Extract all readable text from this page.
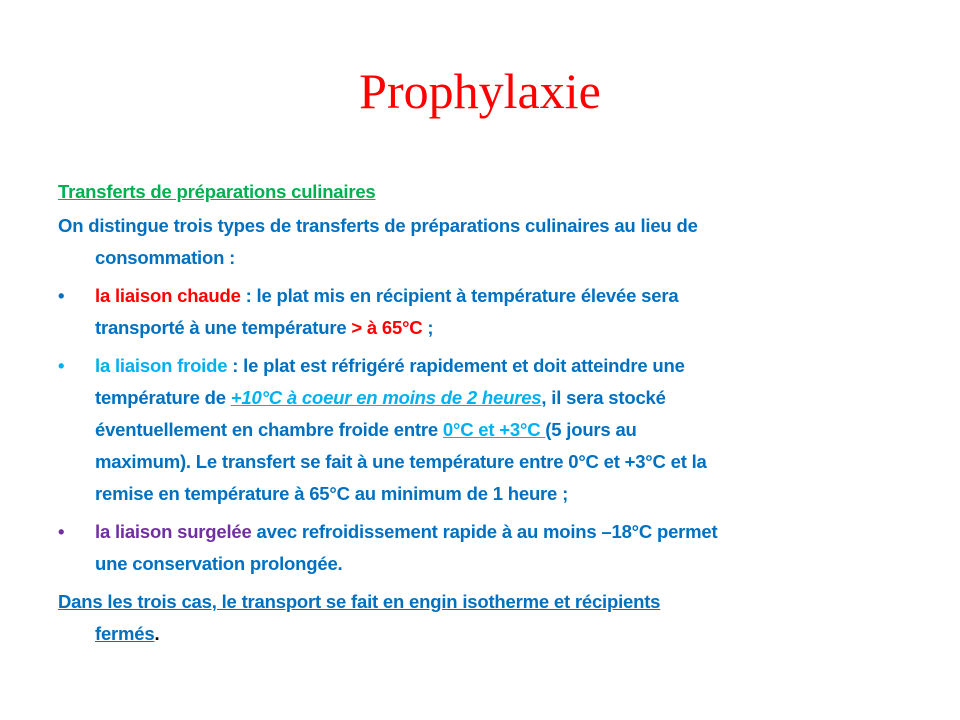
Prophylaxie
Transferts de préparations culinaires
On distingue trois types de transferts de préparations culinaires au lieu de
consommation :
•	la liaison chaude : le plat mis en récipient à température élevée sera
transporté à une température > à 65°C ;
•	la liaison froide : le plat est réfrigéré rapidement et doit atteindre une
température de +10°C à coeur en moins de 2 heures, il sera stocké
éventuellement en chambre froide entre 0°C et +3°C (5 jours au
maximum). Le transfert se fait à une température entre 0°C et +3°C et la
remise en température à 65°C au minimum de 1 heure ;
•	la liaison surgelée avec refroidissement rapide à au moins –18°C permet
une conservation prolongée.
Dans les trois cas, le transport se fait en engin isotherme et récipients
fermés.
